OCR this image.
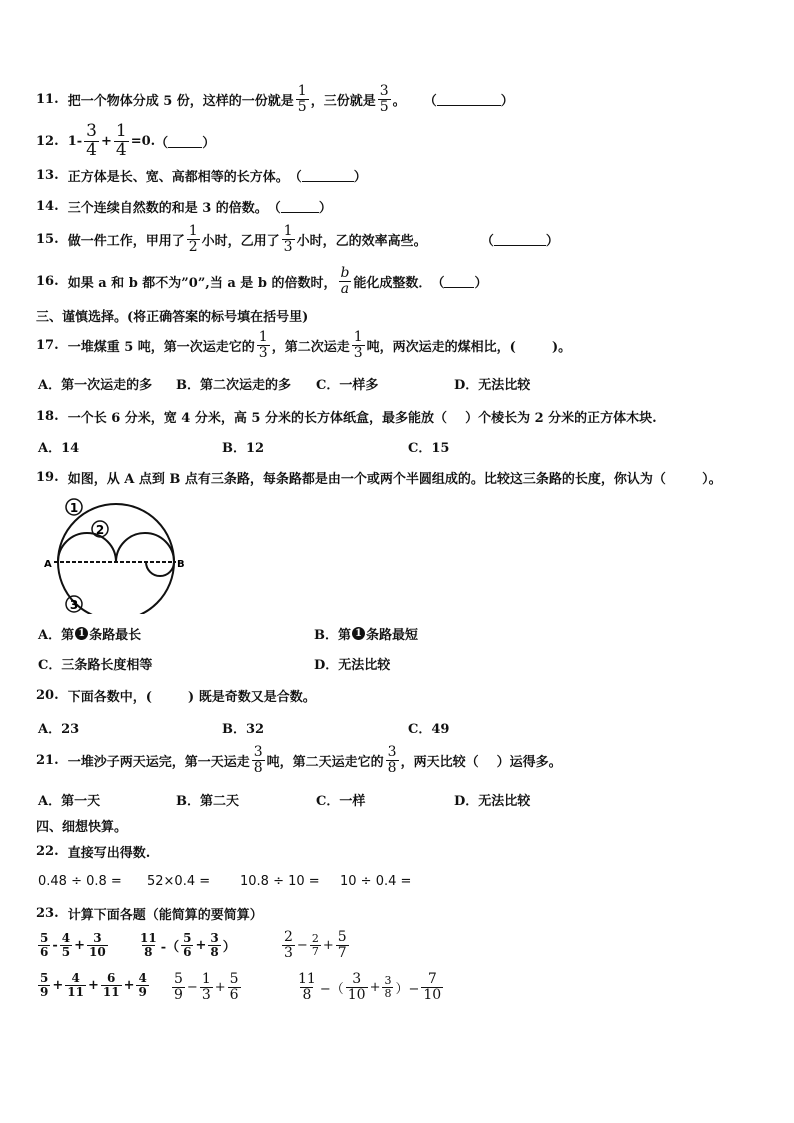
11.
把一个物体分成 5 份，这样的一份就是 $\frac{1}{5}$ ，三份就是 $\frac{3}{5}$ 。
（	）
12.
$1- \frac{3}{4} + \frac{1}{4} =0$. （	）
13.
正方体是长、宽、高都相等的长方体。 （	）
14.
三个连续自然数的和是 3 的倍数。 （	）
15.
做一件工作，甲用了 $\frac{1}{2}$ 小时，乙用了 $\frac{1}{3}$ 小时，乙的效率高些。
	（	）
16.
如果 a 和 b 都不为”0”,当 a 是 b 的倍数时， $\frac{b}{a}$ 能化成整数． （ ）
三、谨慎选择。(将正确答案的标号填在括号里)
17.
一堆煤重 5 吨，第一次运走它的 $\frac{1}{3}$ ，第二次运走 $\frac{1}{3}$ 吨，两次运走的煤相比，(        )。
A．第一次运走的多 B．第二次运走的多 C．一样多	D．无法比较
18.
一个长 6 分米，宽 4 分米，高 5 分米的长方体纸盒，最多能放（    ）个棱长为 2 分米的正方体木块.
A．14	B．12	C．15
19.
如图，从 A 点到 B 点有三条路，每条路都是由一个或两个半圆组成的。比较这三条路的长度，你认为（        ）。
1
2
3
A	B
A．第 1 条路最长	B．第 1 条路最短
C．三条路长度相等	D．无法比较
20.
下面各数中，(        ) 既是奇数又是合数。
A．23	B．32	C．49
21.
一堆沙子两天运完，第一天运走 $\frac{3}{8}$ 吨，第二天运走它的 $\frac{3}{8}$ ，两天比较（    ）运得多。
A．第一天	B．第二天	C．一样	D．无法比较
四、细想快算。
22.
直接写出得数.
0.48 ÷ 0.8 = 52×0.4 = 10.8 ÷ 10 = 10 ÷ 0.4 =
23.
计算下面各题（能简算的要简算）
$\frac{5}{6} - \frac{4}{5} + \frac{3}{10}$	$\frac{11}{8}$ -（ $\frac{5}{6} + \frac{3}{8}$ ）	$\frac{2}{3} - \frac{2}{7} + \frac{5}{7}$
$\frac{5}{9} + \frac{4}{11} + \frac{6}{11} + \frac{4}{9} \frac{5}{9} - \frac{1}{3} + \frac{5}{6}$	$\frac{11}{8}$ −（ $\frac{3}{10} + \frac{3}{8}$ ）− $\frac{7}{10}$
